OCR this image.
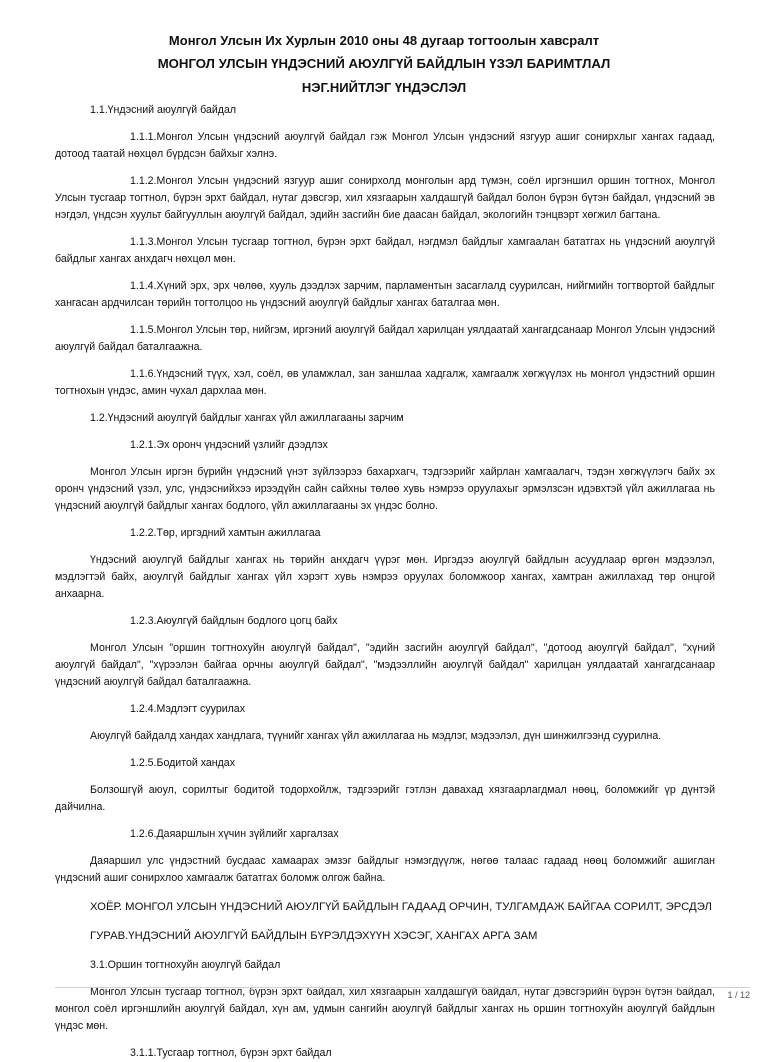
Монгол Улсын Их Хурлын 2010 оны 48 дугаар тогтоолын хавсралт
МОНГОЛ УЛСЫН ҮНДЭСНИЙ АЮУЛГҮЙ БАЙДЛЫН ҮЗЭЛ БАРИМТЛАЛ
НЭГ.НИЙТЛЭГ ҮНДЭСЛЭЛ

1.1.Үндэсний аюулгүй байдал

1.1.1.Монгол Улсын үндэсний аюулгүй байдал гэж Монгол Улсын үндэсний язгуур ашиг сонирхлыг хангах гадаад, дотоод таатай нөхцөл бүрдсэн байхыг хэлнэ.

1.1.2.Монгол Улсын үндэсний язгуур ашиг сонирхолд монголын ард түмэн, соёл иргэншил оршин тогтнох, Монгол Улсын тусгаар тогтнол, бүрэн эрхт байдал, нутаг дэвсгэр, хил хязгаарын халдашгүй байдал болон бүрэн бүтэн байдал, үндэсний эв нэгдэл, үндсэн хуульт байгууллын аюулгүй байдал, эдийн засгийн бие даасан байдал, экологийн тэнцвэрт хөгжил багтана.

1.1.3.Монгол Улсын тусгаар тогтнол, бүрэн эрхт байдал, нэгдмэл байдлыг хамгаалан бататгах нь үндэсний аюулгүй байдлыг хангах анхдагч нөхцөл мөн.

1.1.4.Хүний эрх, эрх чөлөө, хууль дээдлэх зарчим, парламентын засаглалд суурилсан, нийгмийн тогтвортой байдлыг хангасан ардчилсан төрийн тогтолцоо нь үндэсний аюулгүй байдлыг хангах баталгаа мөн.

1.1.5.Монгол Улсын төр, нийгэм, иргэний аюулгүй байдал харилцан уялдаатай хангагдсанаар Монгол Улсын үндэсний аюулгүй байдал баталгаажна.

1.1.6.Үндэсний түүх, хэл, соёл, өв уламжлал, зан заншлаа хадгалж, хамгаалж хөгжүүлэх нь монгол үндэстний оршин тогтнохын үндэс, амин чухал дархлаа мөн.

1.2.Үндэсний аюулгүй байдлыг хангах үйл ажиллагааны зарчим

1.2.1.Эх оронч үндэсний үзлийг дээдлэх

Монгол Улсын иргэн бүрийн үндэсний үнэт зүйлээрээ бахархагч, тэдгээрийг хайрлан хамгаалагч, тэдэн хөгжүүлэгч байх эх оронч үндэсний үзэл, улс, үндэснийхээ ирээдүйн сайн сайхны төлөө хувь нэмрээ оруулахыг эрмэлзсэн идэвхтэй үйл ажиллагаа нь үндэсний аюулгүй байдлыг хангах бодлого, үйл ажиллагааны эх үндэс болно.

1.2.2.Төр, иргэдний хамтын ажиллагаа

Үндэсний аюулгүй байдлыг хангах нь төрийн анхдагч үүрэг мөн. Иргэдээ аюулгүй байдлын асуудлаар өргөн мэдээлэл, мэдлэгтэй байх, аюулгүй байдлыг хангах үйл хэрэгт хувь нэмрээ оруулах боломжоор хангах, хамтран ажиллахад төр онцгой анхаарна.

1.2.3.Аюулгүй байдлын бодлого цогц байх

Монгол Улсын "оршин тогтнохуйн аюулгүй байдал", "эдийн засгийн аюулгүй байдал", "дотоод аюулгүй байдал", "хүний аюулгүй байдал", "хүрээлэн байгаа орчны аюулгүй байдал", "мэдээллийн аюулгүй байдал" харилцан уялдаатай хангагдсанаар үндэсний аюулгүй байдал баталгаажна.

1.2.4.Мэдлэгт суурилах

Аюулгүй байдалд хандах хандлага, түүнийг хангах үйл ажиллагаа нь мэдлэг, мэдээлэл, дүн шинжилгээнд суурилна.

1.2.5.Бодитой хандах

Болзошгүй аюул, сорилтыг бодитой тодорхойлж, тэдгээрийг гэтлэн давахад хязгаарлагдмал нөөц, боломжийг үр дүнтэй дайчилна.

1.2.6.Даяаршлын хүчин зүйлийг харгалзах

Даяаршил улс үндэстний бусдаас хамаарах эмзэг байдлыг нэмэгдүүлж, нөгөө талаас гадаад нөөц боломжийг ашиглан үндэсний ашиг сонирхлоо хамгаалж бататгах боломж олгож байна.

ХОЁР. МОНГОЛ УЛСЫН ҮНДЭСНИЙ АЮУЛГҮЙ БАЙДЛЫН ГАДААД ОРЧИН, ТУЛГАМДАЖ БАЙГАА СОРИЛТ, ЭРСДЭЛ

ГУРАВ.ҮНДЭСНИЙ АЮУЛГҮЙ БАЙДЛЫН БҮРЭЛДЭХҮҮН ХЭСЭГ, ХАНГАХ АРГА ЗАМ

3.1.Оршин тогтнохуйн аюулгүй байдал

Монгол Улсын тусгаар тогтнол, бүрэн эрхт байдал, хил хязгаарын халдашгүй байдал, нутаг дэвсгэрийн бүрэн бүтэн байдал, монгол соёл иргэншлийн аюулгүй байдал, хүн ам, удмын сангийн аюулгүй байдлыг хангах нь оршин тогтнохуйн аюулгүй байдлын үндэс мөн.

3.1.1.Тусгаар тогтнол, бүрэн эрхт байдал

1 / 12
